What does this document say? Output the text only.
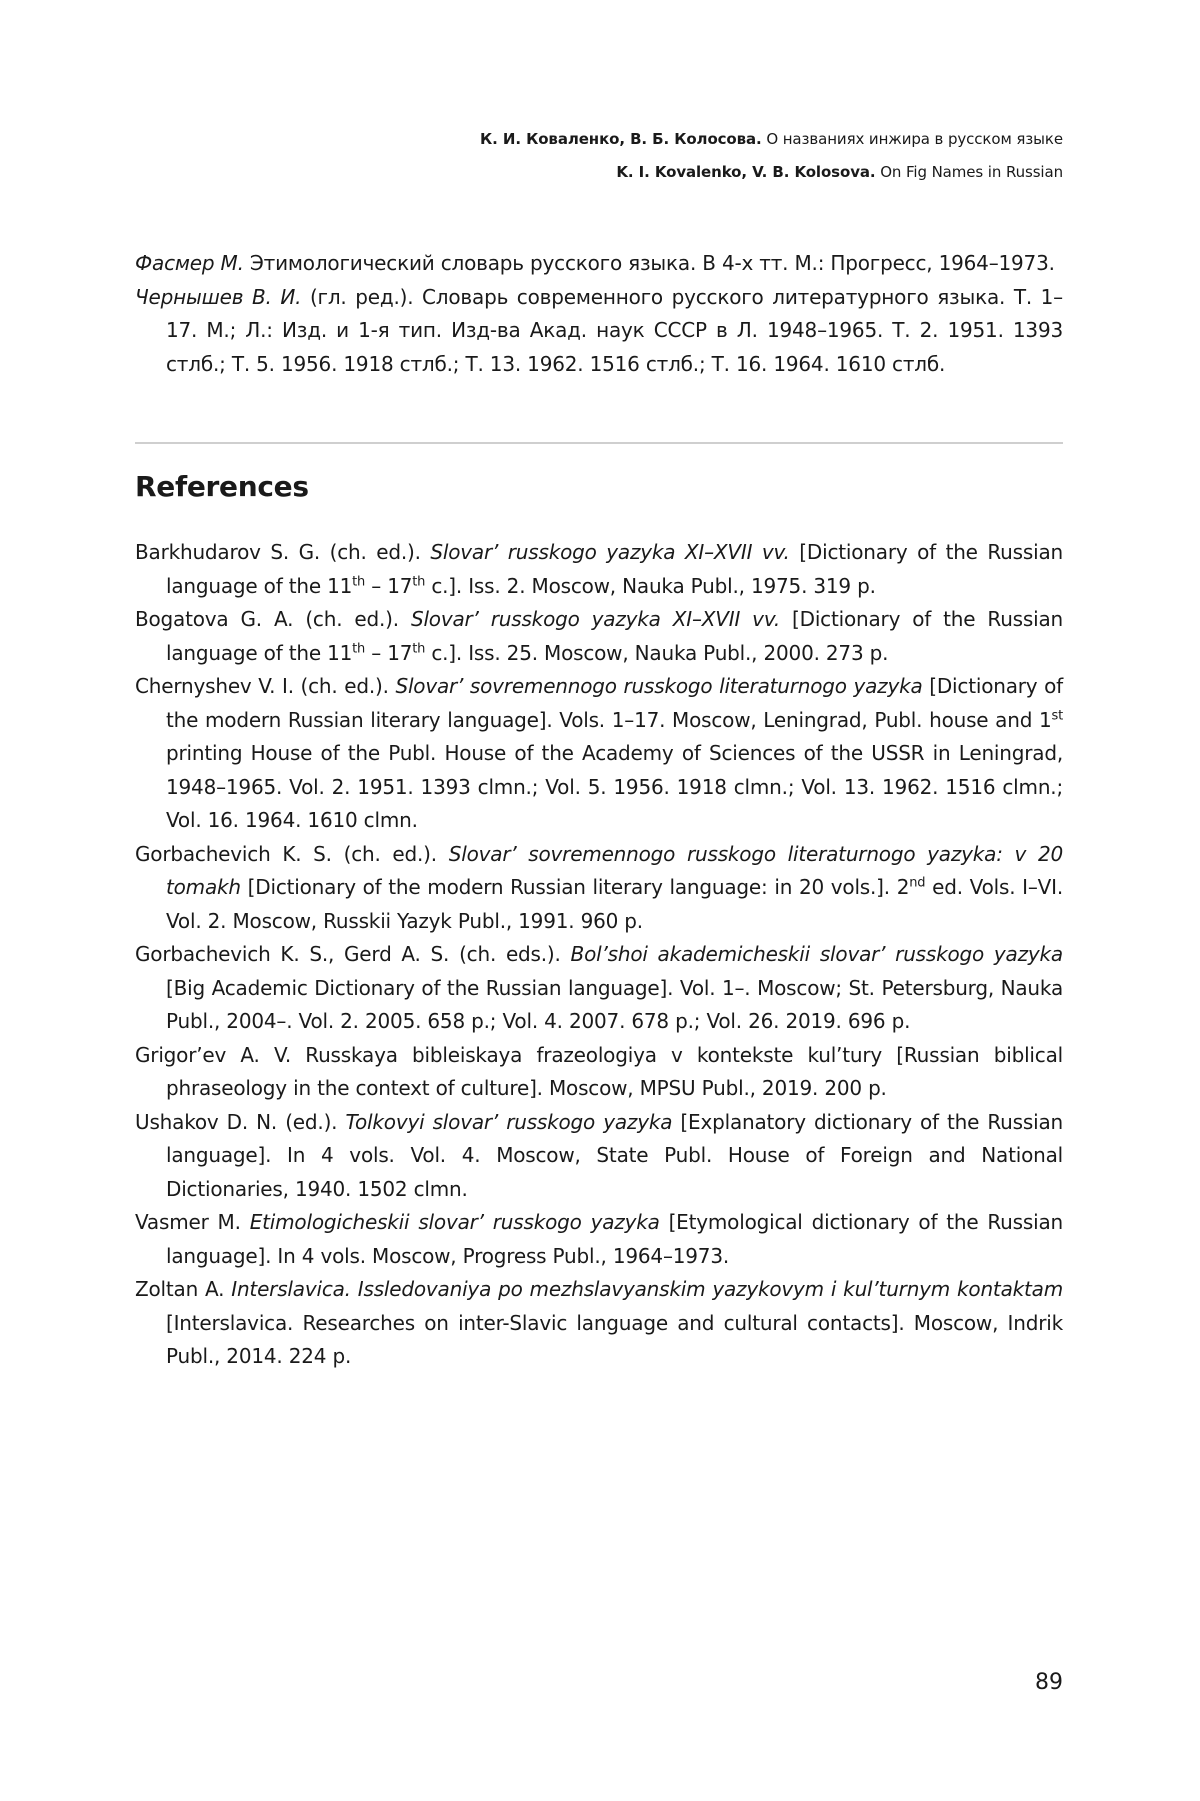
К. И. Коваленко, В. Б. Колосова. О названиях инжира в русском языке
K. I. Kovalenko, V. B. Kolosova. On Fig Names in Russian

Фасмер М. Этимологический словарь русского языка. В 4-х тт. М.: Прогресс, 1964–1973.

Чернышев В. И. (гл. ред.). Словарь современного русского литературного языка. Т. 1–17. М.; Л.: Изд. и 1-я тип. Изд-ва Акад. наук СССР в Л. 1948–1965. Т. 2. 1951. 1393 стлб.; Т. 5. 1956. 1918 стлб.; Т. 13. 1962. 1516 стлб.; Т. 16. 1964. 1610 стлб.

References

Barkhudarov S. G. (ch. ed.). Slovar’ russkogo yazyka XI–XVII vv. [Dictionary of the Russian language of the 11th – 17th c.]. Iss. 2. Moscow, Nauka Publ., 1975. 319 p.

Bogatova G. A. (ch. ed.). Slovar’ russkogo yazyka XI–XVII vv. [Dictionary of the Russian language of the 11th – 17th c.]. Iss. 25. Moscow, Nauka Publ., 2000. 273 p.

Chernyshev V. I. (ch. ed.). Slovar’ sovremennogo russkogo literaturnogo yazyka [Dictionary of the modern Russian literary language]. Vols. 1–17. Moscow, Leningrad, Publ. house and 1st printing House of the Publ. House of the Academy of Sciences of the USSR in Leningrad, 1948–1965. Vol. 2. 1951. 1393 clmn.; Vol. 5. 1956. 1918 clmn.; Vol. 13. 1962. 1516 clmn.; Vol. 16. 1964. 1610 clmn.

Gorbachevich K. S. (ch. ed.). Slovar’ sovremennogo russkogo literaturnogo yazyka: v 20 tomakh [Dictionary of the modern Russian literary language: in 20 vols.]. 2nd ed. Vols. I–VI. Vol. 2. Moscow, Russkii Yazyk Publ., 1991. 960 p.

Gorbachevich K. S., Gerd A. S. (ch. eds.). Bol’shoi akademicheskii slovar’ russkogo yazyka [Big Academic Dictionary of the Russian language]. Vol. 1–. Moscow; St. Petersburg, Nauka Publ., 2004–. Vol. 2. 2005. 658 p.; Vol. 4. 2007. 678 p.; Vol. 26. 2019. 696 p.

Grigor’ev A. V. Russkaya bibleiskaya frazeologiya v kontekste kul’tury [Russian biblical phraseology in the context of culture]. Moscow, MPSU Publ., 2019. 200 p.

Ushakov D. N. (ed.). Tolkovyi slovar’ russkogo yazyka [Explanatory dictionary of the Russian language]. In 4 vols. Vol. 4. Moscow, State Publ. House of Foreign and National Dictionaries, 1940. 1502 clmn.

Vasmer M. Etimologicheskii slovar’ russkogo yazyka [Etymological dictionary of the Russian language]. In 4 vols. Moscow, Progress Publ., 1964–1973.

Zoltan A. Interslavica. Issledovaniya po mezhslavyanskim yazykovym i kul’turnym kontaktam [Interslavica. Researches on inter-Slavic language and cultural contacts]. Moscow, Indrik Publ., 2014. 224 p.

89
